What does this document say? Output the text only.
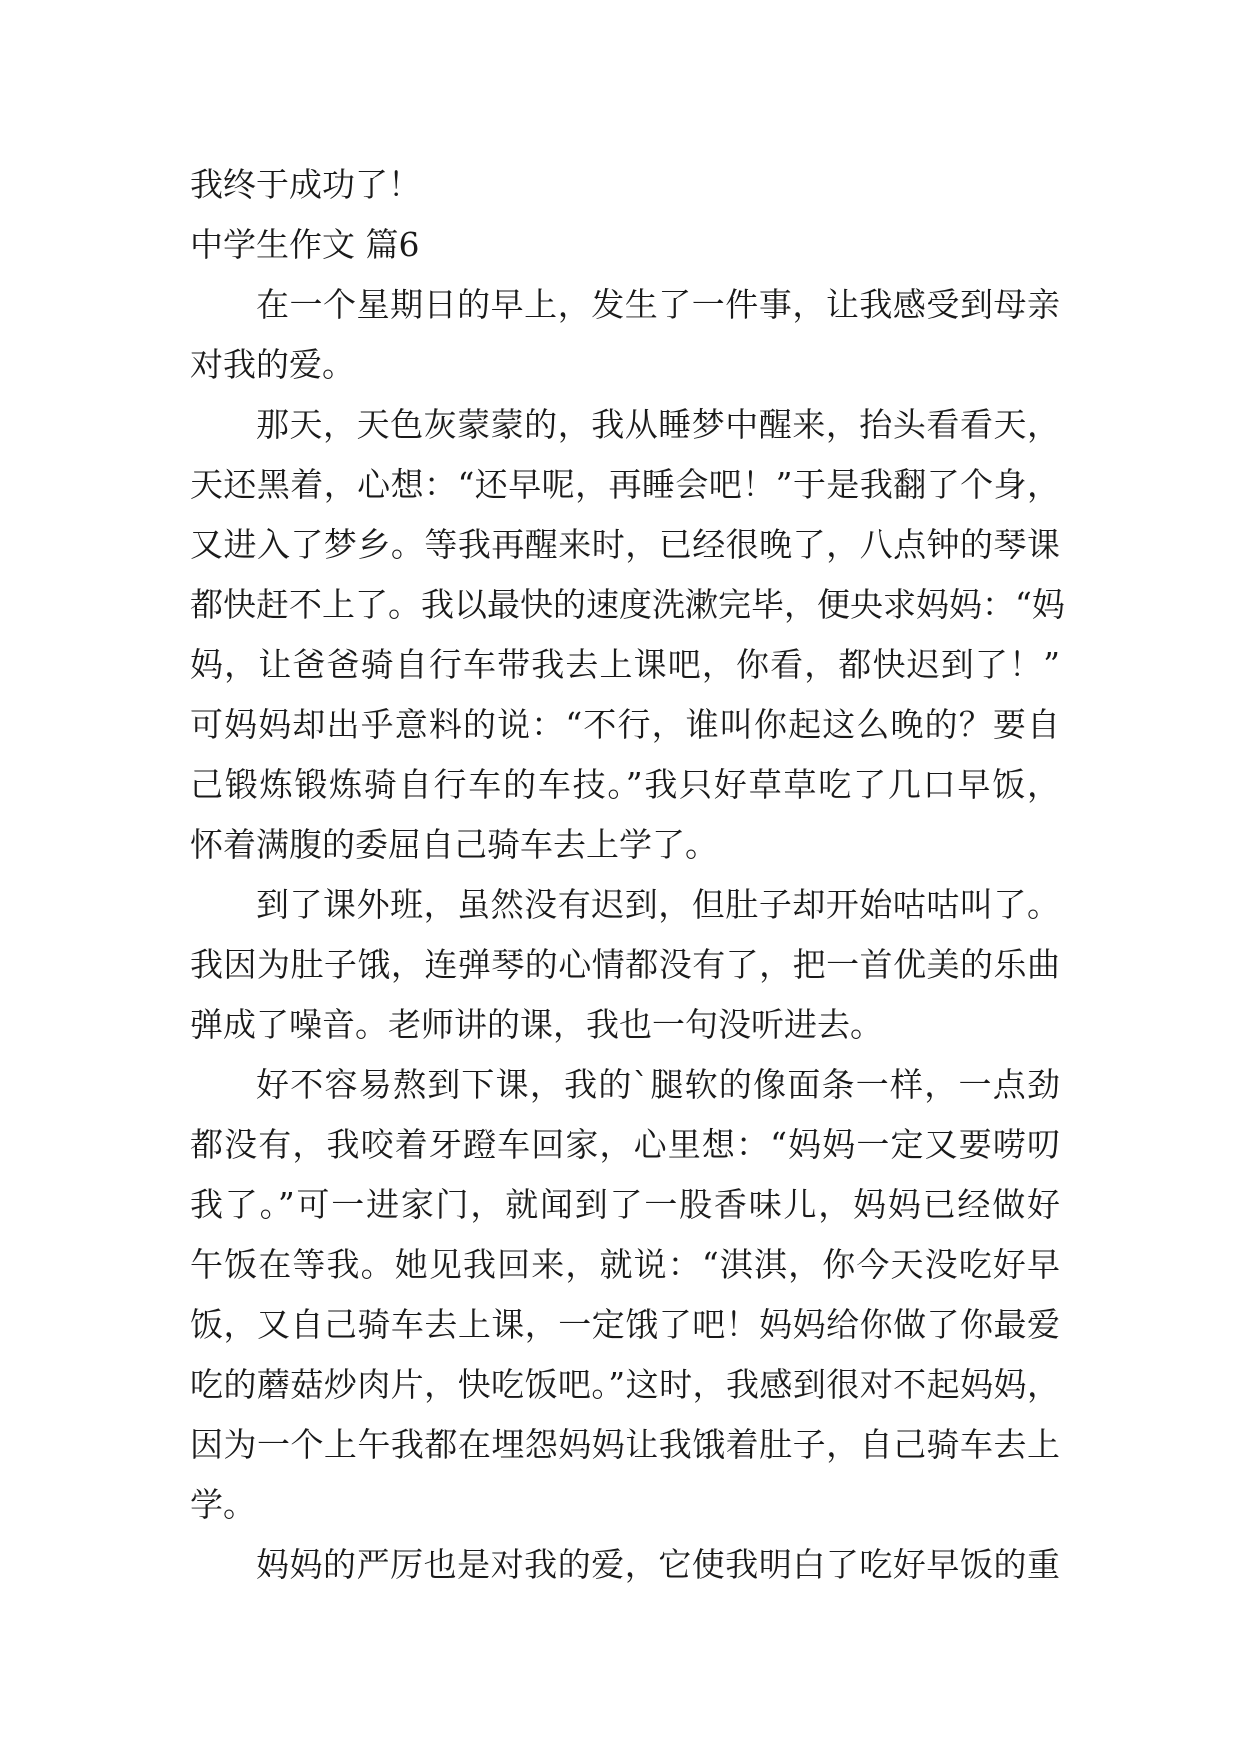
我终于成功了！

中学生作文 篇6

在一个星期日的早上，发生了一件事，让我感受到母亲

对我的爱。

那天，天色灰蒙蒙的，我从睡梦中醒来，抬头看看天，

天还黑着，心想：“还早呢，再睡会吧！”于是我翻了个身，

又进入了梦乡。等我再醒来时，已经很晚了，八点钟的琴课

都快赶不上了。我以最快的速度洗漱完毕，便央求妈妈：“妈

妈，让爸爸骑自行车带我去上课吧，你看，都快迟到了！”

可妈妈却出乎意料的说：“不行，谁叫你起这么晚的？要自

己锻炼锻炼骑自行车的车技。”我只好草草吃了几口早饭，

怀着满腹的委屈自己骑车去上学了。

到了课外班，虽然没有迟到，但肚子却开始咕咕叫了。

我因为肚子饿，连弹琴的心情都没有了，把一首优美的乐曲

弹成了噪音。老师讲的课，我也一句没听进去。

好不容易熬到下课，我的`腿软的像面条一样，一点劲

都没有，我咬着牙蹬车回家，心里想：“妈妈一定又要唠叨

我了。”可一进家门，就闻到了一股香味儿，妈妈已经做好

午饭在等我。她见我回来，就说：“淇淇，你今天没吃好早

饭，又自己骑车去上课，一定饿了吧！妈妈给你做了你最爱

吃的蘑菇炒肉片，快吃饭吧。”这时，我感到很对不起妈妈，

因为一个上午我都在埋怨妈妈让我饿着肚子，自己骑车去上

学。

妈妈的严厉也是对我的爱，它使我明白了吃好早饭的重
